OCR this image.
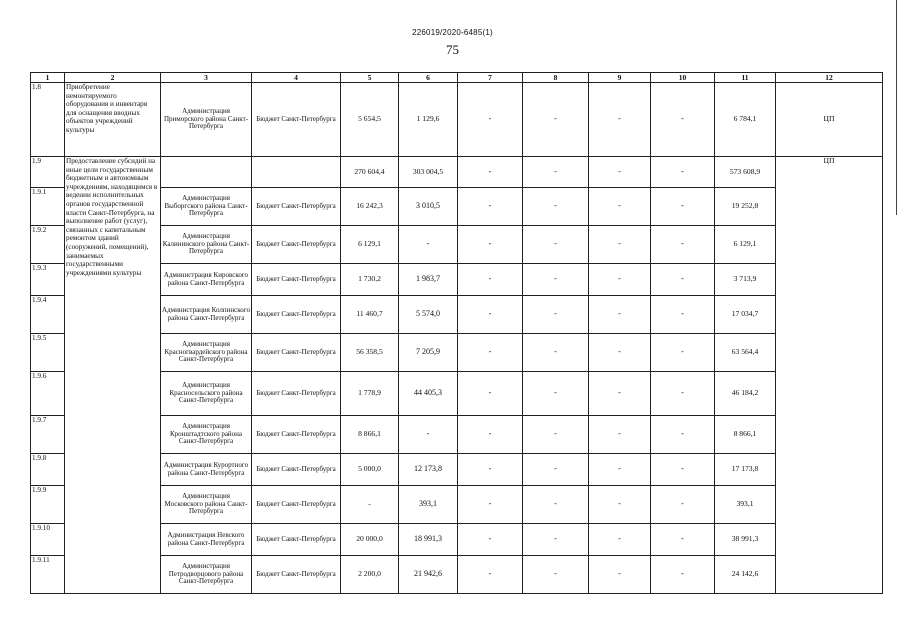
226019/2020-6485(1)
75
1	2	3	4	5	6	7	8	9	10	11	12
1.8	Приобретение немонтируемого оборудования и инвентаря для оснащения вводных объектов учреждений культуры	Администрация Приморского района Санкт-Петербурга	Бюджет Санкт-Петербурга	5 654,5	1 129,6	-	-	-	-	6 784,1	ЦП
1.9	Предоставление субсидий на иные цели государственным бюджетным и автономным учреждениям, находящимся в ведении исполнительных органов государственной власти Санкт-Петербурга, на выполнение работ (услуг), связанных с капитальным ремонтом зданий (сооружений, помещений), занимаемых государственными учреждениями культуры			270 604,4	303 004,5	-	-	-	-	573 608,9	ЦП
1.9.1		Администрация Выборгского района Санкт-Петербурга	Бюджет Санкт-Петербурга	16 242,3	3 010,5	-	-	-	-	19 252,8	
1.9.2		Администрация Калининского района Санкт-Петербурга	Бюджет Санкт-Петербурга	6 129,1	-	-	-	-	-	6 129,1	
1.9.3		Администрация Кировского района Санкт-Петербурга	Бюджет Санкт-Петербурга	1 730,2	1 983,7	-	-	-	-	3 713,9	
1.9.4		Администрация Колпинского района Санкт-Петербурга	Бюджет Санкт-Петербурга	11 460,7	5 574,0	-	-	-	-	17 034,7	
1.9.5		Администрация Красногвардейского района Санкт-Петербурга	Бюджет Санкт-Петербурга	56 358,5	7 205,9	-	-	-	-	63 564,4	
1.9.6		Администрация Красносельского района Санкт-Петербурга	Бюджет Санкт-Петербурга	1 778,9	44 405,3	-	-	-	-	46 184,2	
1.9.7		Администрация Кронштадтского района Санкт-Петербурга	Бюджет Санкт-Петербурга	8 866,1	-	-	-	-	-	8 866,1	
1.9.8		Администрация Курортного района Санкт-Петербурга	Бюджет Санкт-Петербурга	5 000,0	12 173,8	-	-	-	-	17 173,8	
1.9.9		Администрация Московского района Санкт-Петербурга	Бюджет Санкт-Петербурга	-	393,1	-	-	-	-	393,1	
1.9.10		Администрация Невского района Санкт-Петербурга	Бюджет Санкт-Петербурга	20 000,0	18 991,3	-	-	-	-	38 991,3	
1.9.11		Администрация Петродворцового района Санкт-Петербурга	Бюджет Санкт-Петербурга	2 200,0	21 942,6	-	-	-	-	24 142,6	
